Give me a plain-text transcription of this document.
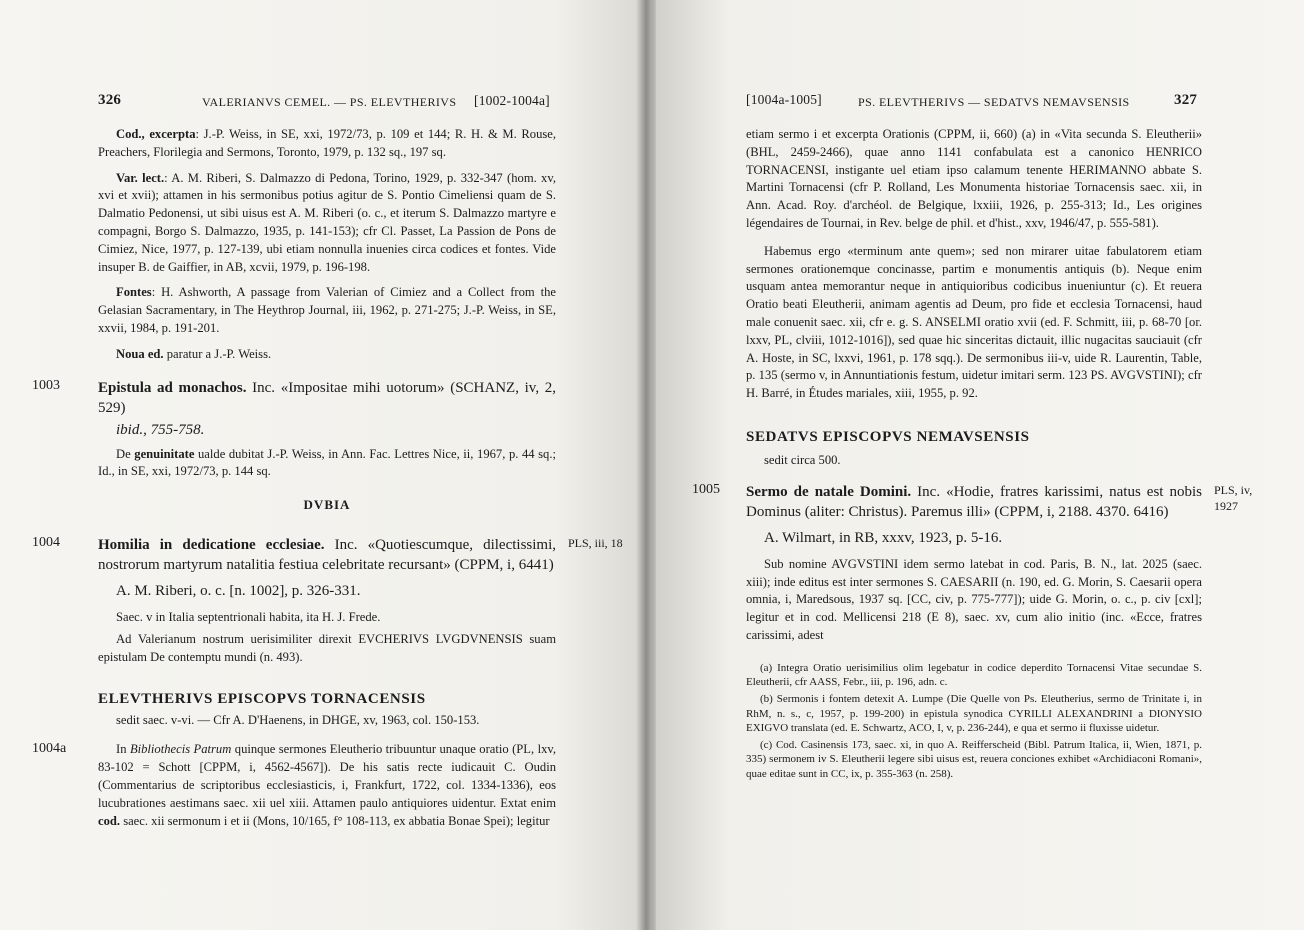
326	VALERIANVS CEMEL. — PS. ELEVTHERIVS [1002-1004a]

Cod., excerpta: J.-P. Weiss, in SE, xxi, 1972/73, p. 109 et 144; R. H. & M. Rouse, Preachers, Florilegia and Sermons, Toronto, 1979, p. 132 sq., 197 sq.

Var. lect.: A. M. Riberi, S. Dalmazzo di Pedona, Torino, 1929, p. 332-347 (hom. xv, xvi et xvii); attamen in his sermonibus potius agitur de S. Pontio Cimeliensi quam de S. Dalmatio Pedonensi, ut sibi uisus est A. M. Riberi (o. c., et iterum S. Dalmazzo martyre e compagni, Borgo S. Dalmazzo, 1935, p. 141-153); cfr Cl. Passet, La Passion de Pons de Cimiez, Nice, 1977, p. 127-139, ubi etiam nonnulla inuenies circa codices et fontes. Vide insuper B. de Gaiffier, in AB, xcvii, 1979, p. 196-198.

Fontes: H. Ashworth, A passage from Valerian of Cimiez and a Collect from the Gelasian Sacramentary, in The Heythrop Journal, iii, 1962, p. 271-275; J.-P. Weiss, in SE, xxvii, 1984, p. 191-201.

Noua ed. paratur a J.-P. Weiss.

1003	Epistula ad monachos. Inc. «Impositae mihi uotorum» (SCHANZ, iv, 2, 529)

ibid., 755-758.

De genuinitate ualde dubitat J.-P. Weiss, in Ann. Fac. Lettres Nice, ii, 1967, p. 44 sq.; Id., in SE, xxi, 1972/73, p. 144 sq.

DVBIA

1004	PLS, iii, 18

Homilia in dedicatione ecclesiae. Inc. «Quotiescumque, dilectissimi, nostrorum martyrum natalitia festiua celebritate recursant» (CPPM, i, 6441)

A. M. Riberi, o. c. [n. 1002], p. 326-331.

Saec. v in Italia septentrionali habita, ita H. J. Frede.

Ad Valerianum nostrum uerisimiliter direxit EVCHERIVS LVGDVNENSIS suam epistulam De contemptu mundi (n. 493).

ELEVTHERIVS EPISCOPVS TORNACENSIS

sedit saec. v-vi. — Cfr A. D'Haenens, in DHGE, xv, 1963, col. 150-153.

1004a	In Bibliothecis Patrum quinque sermones Eleutherio tribuuntur unaque oratio (PL, lxv, 83-102 = Schott [CPPM, i, 4562-4567]). De his satis recte iudicauit C. Oudin (Commentarius de scriptoribus ecclesiasticis, i, Frankfurt, 1722, col. 1334-1336), eos lucubrationes aestimans saec. xii uel xiii. Attamen paulo antiquiores uidentur. Extat enim cod. saec. xii sermonum i et ii (Mons, 10/165, f° 108-113, ex abbatia Bonae Spei); legitur

[1004a-1005]	PS. ELEVTHERIVS — SEDATVS NEMAVSENSIS	327

etiam sermo i et excerpta Orationis (CPPM, ii, 660) (a) in «Vita secunda S. Eleutherii» (BHL, 2459-2466), quae anno 1141 confabulata est a canonico HENRICO TORNACENSI, instigante uel etiam ipso calamum tenente HERIMANNO abbate S. Martini Tornacensi (cfr P. Rolland, Les Monumenta historiae Tornacensis saec. xii, in Ann. Acad. Roy. d'archéol. de Belgique, lxxiii, 1926, p. 255-313; Id., Les origines légendaires de Tournai, in Rev. belge de phil. et d'hist., xxv, 1946/47, p. 555-581).

Habemus ergo «terminum ante quem»; sed non mirarer uitae fabulatorem etiam sermones orationemque concinasse, partim e monumentis antiquis (b). Neque enim usquam antea memorantur neque in antiquioribus codicibus inueniuntur (c). Et reuera Oratio beati Eleutherii, animam agentis ad Deum, pro fide et ecclesia Tornacensi, haud male conuenit saec. xii, cfr e. g. S. ANSELMI oratio xvii (ed. F. Schmitt, iii, p. 68-70 [or. lxxv, PL, clviii, 1012-1016]), sed quae hic sinceritas dictauit, illic nugacitas sauciauit (cfr A. Hoste, in SC, lxxvi, 1961, p. 178 sqq.). De sermonibus iii-v, uide R. Laurentin, Table, p. 135 (sermo v, in Annuntiationis festum, uidetur imitari serm. 123 PS. AVGVSTINI); cfr H. Barré, in Études mariales, xiii, 1955, p. 92.

SEDATVS EPISCOPVS NEMAVSENSIS

sedit circa 500.

1005	PLS, iv, 1927

Sermo de natale Domini. Inc. «Hodie, fratres karissimi, natus est nobis Dominus (aliter: Christus). Paremus illi» (CPPM, i, 2188. 4370. 6416)

A. Wilmart, in RB, xxxv, 1923, p. 5-16.

Sub nomine AVGVSTINI idem sermo latebat in cod. Paris, B. N., lat. 2025 (saec. xiii); inde editus est inter sermones S. CAESARII (n. 190, ed. G. Morin, S. Caesarii opera omnia, i, Maredsous, 1937 sq. [CC, civ, p. 775-777]); uide G. Morin, o. c., p. civ [cxl]; legitur et in cod. Mellicensi 218 (E 8), saec. xv, cum alio initio (inc. «Ecce, fratres carissimi, adest

(a) Integra Oratio uerisimilius olim legebatur in codice deperdito Tornacensi Vitae secundae S. Eleutherii, cfr AASS, Febr., iii, p. 196, adn. c.

(b) Sermonis i fontem detexit A. Lumpe (Die Quelle von Ps. Eleutherius, sermo de Trinitate i, in RhM, n. s., c, 1957, p. 199-200) in epistula synodica CYRILLI ALEXANDRINI a DIONYSIO EXIGVO translata (ed. E. Schwartz, ACO, I, v, p. 236-244), e qua et sermo ii fluxisse uidetur.

(c) Cod. Casinensis 173, saec. xi, in quo A. Reifferscheid (Bibl. Patrum Italica, ii, Wien, 1871, p. 335) sermonem iv S. Eleutherii legere sibi uisus est, reuera conciones exhibet «Archidiaconi Romani», quae editae sunt in CC, ix, p. 355-363 (n. 258).
